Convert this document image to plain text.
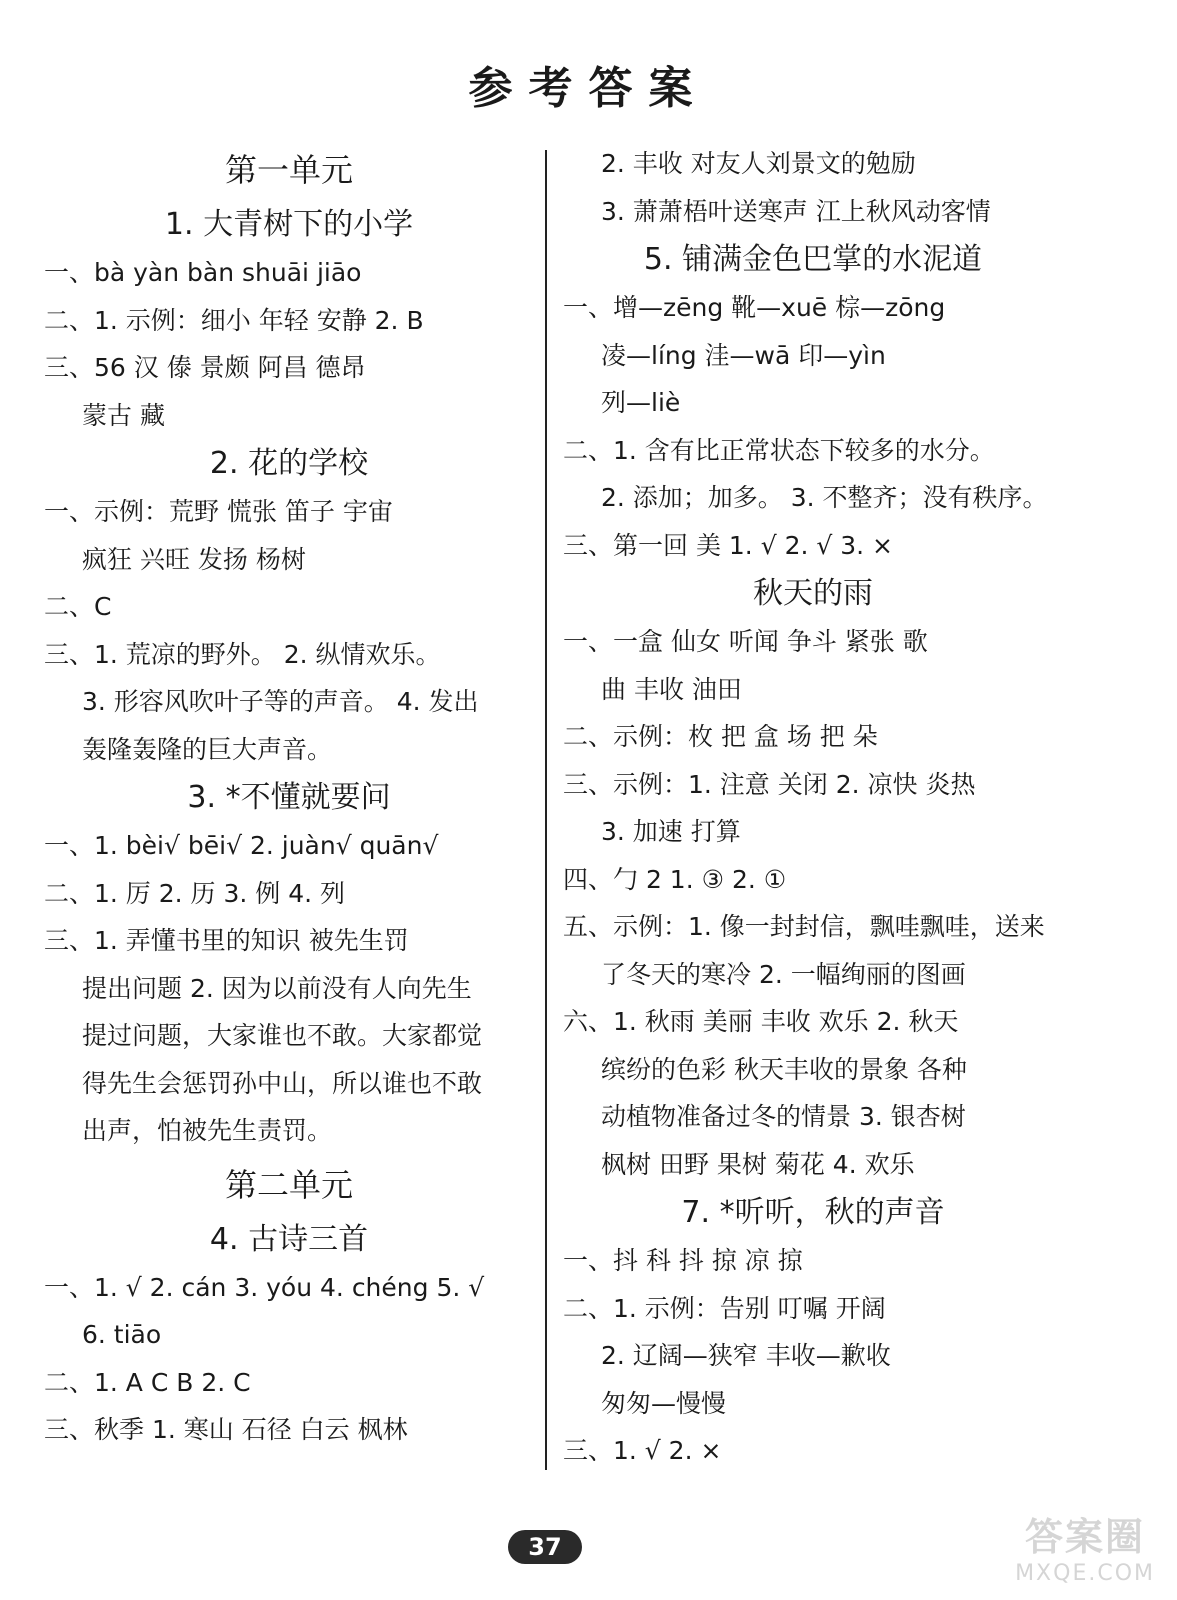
参考答案
第一单元
1. 大青树下的小学
一、bà yàn bàn shuāi jiāo
二、1. 示例：细小 年轻 安静 2. B
三、56 汉 傣 景颇 阿昌 德昂
蒙古 藏
2. 花的学校
一、示例：荒野 慌张 笛子 宇宙
疯狂 兴旺 发扬 杨树
二、C
三、1. 荒凉的野外。 2. 纵情欢乐。
3. 形容风吹叶子等的声音。 4. 发出
轰隆轰隆的巨大声音。
3. *不懂就要问
一、1. bèi√ bēi√ 2. juàn√ quān√
二、1. 厉 2. 历 3. 例 4. 列
三、1. 弄懂书里的知识 被先生罚
提出问题 2. 因为以前没有人向先生
提过问题，大家谁也不敢。大家都觉
得先生会惩罚孙中山，所以谁也不敢
出声，怕被先生责罚。
第二单元
4. 古诗三首
一、1. √ 2. cán 3. yóu 4. chéng 5. √
6. tiāo
二、1. A C B 2. C
三、秋季 1. 寒山 石径 白云 枫林
2. 丰收 对友人刘景文的勉励
3. 萧萧梧叶送寒声 江上秋风动客情
5. 铺满金色巴掌的水泥道
一、增—zēng 靴—xuē 棕—zōng
凌—líng 洼—wā 印—yìn
列—liè
二、1. 含有比正常状态下较多的水分。
2. 添加；加多。 3. 不整齐；没有秩序。
三、第一回 美 1. √ 2. √ 3. ×
秋天的雨
一、一盒 仙女 听闻 争斗 紧张 歌
曲 丰收 油田
二、示例：枚 把 盒 场 把 朵
三、示例：1. 注意 关闭 2. 凉快 炎热
3. 加速 打算
四、勹 2 1. ③ 2. ①
五、示例：1. 像一封封信，飘哇飘哇，送来
了冬天的寒冷 2. 一幅绚丽的图画
六、1. 秋雨 美丽 丰收 欢乐 2. 秋天
缤纷的色彩 秋天丰收的景象 各种
动植物准备过冬的情景 3. 银杏树
枫树 田野 果树 菊花 4. 欢乐
7. *听听，秋的声音
一、抖 科 抖 掠 凉 掠
二、1. 示例：告别 叮嘱 开阔
2. 辽阔—狭窄 丰收—歉收
匆匆—慢慢
三、1. √ 2. ×
37	答案圈
MXQE.COM
